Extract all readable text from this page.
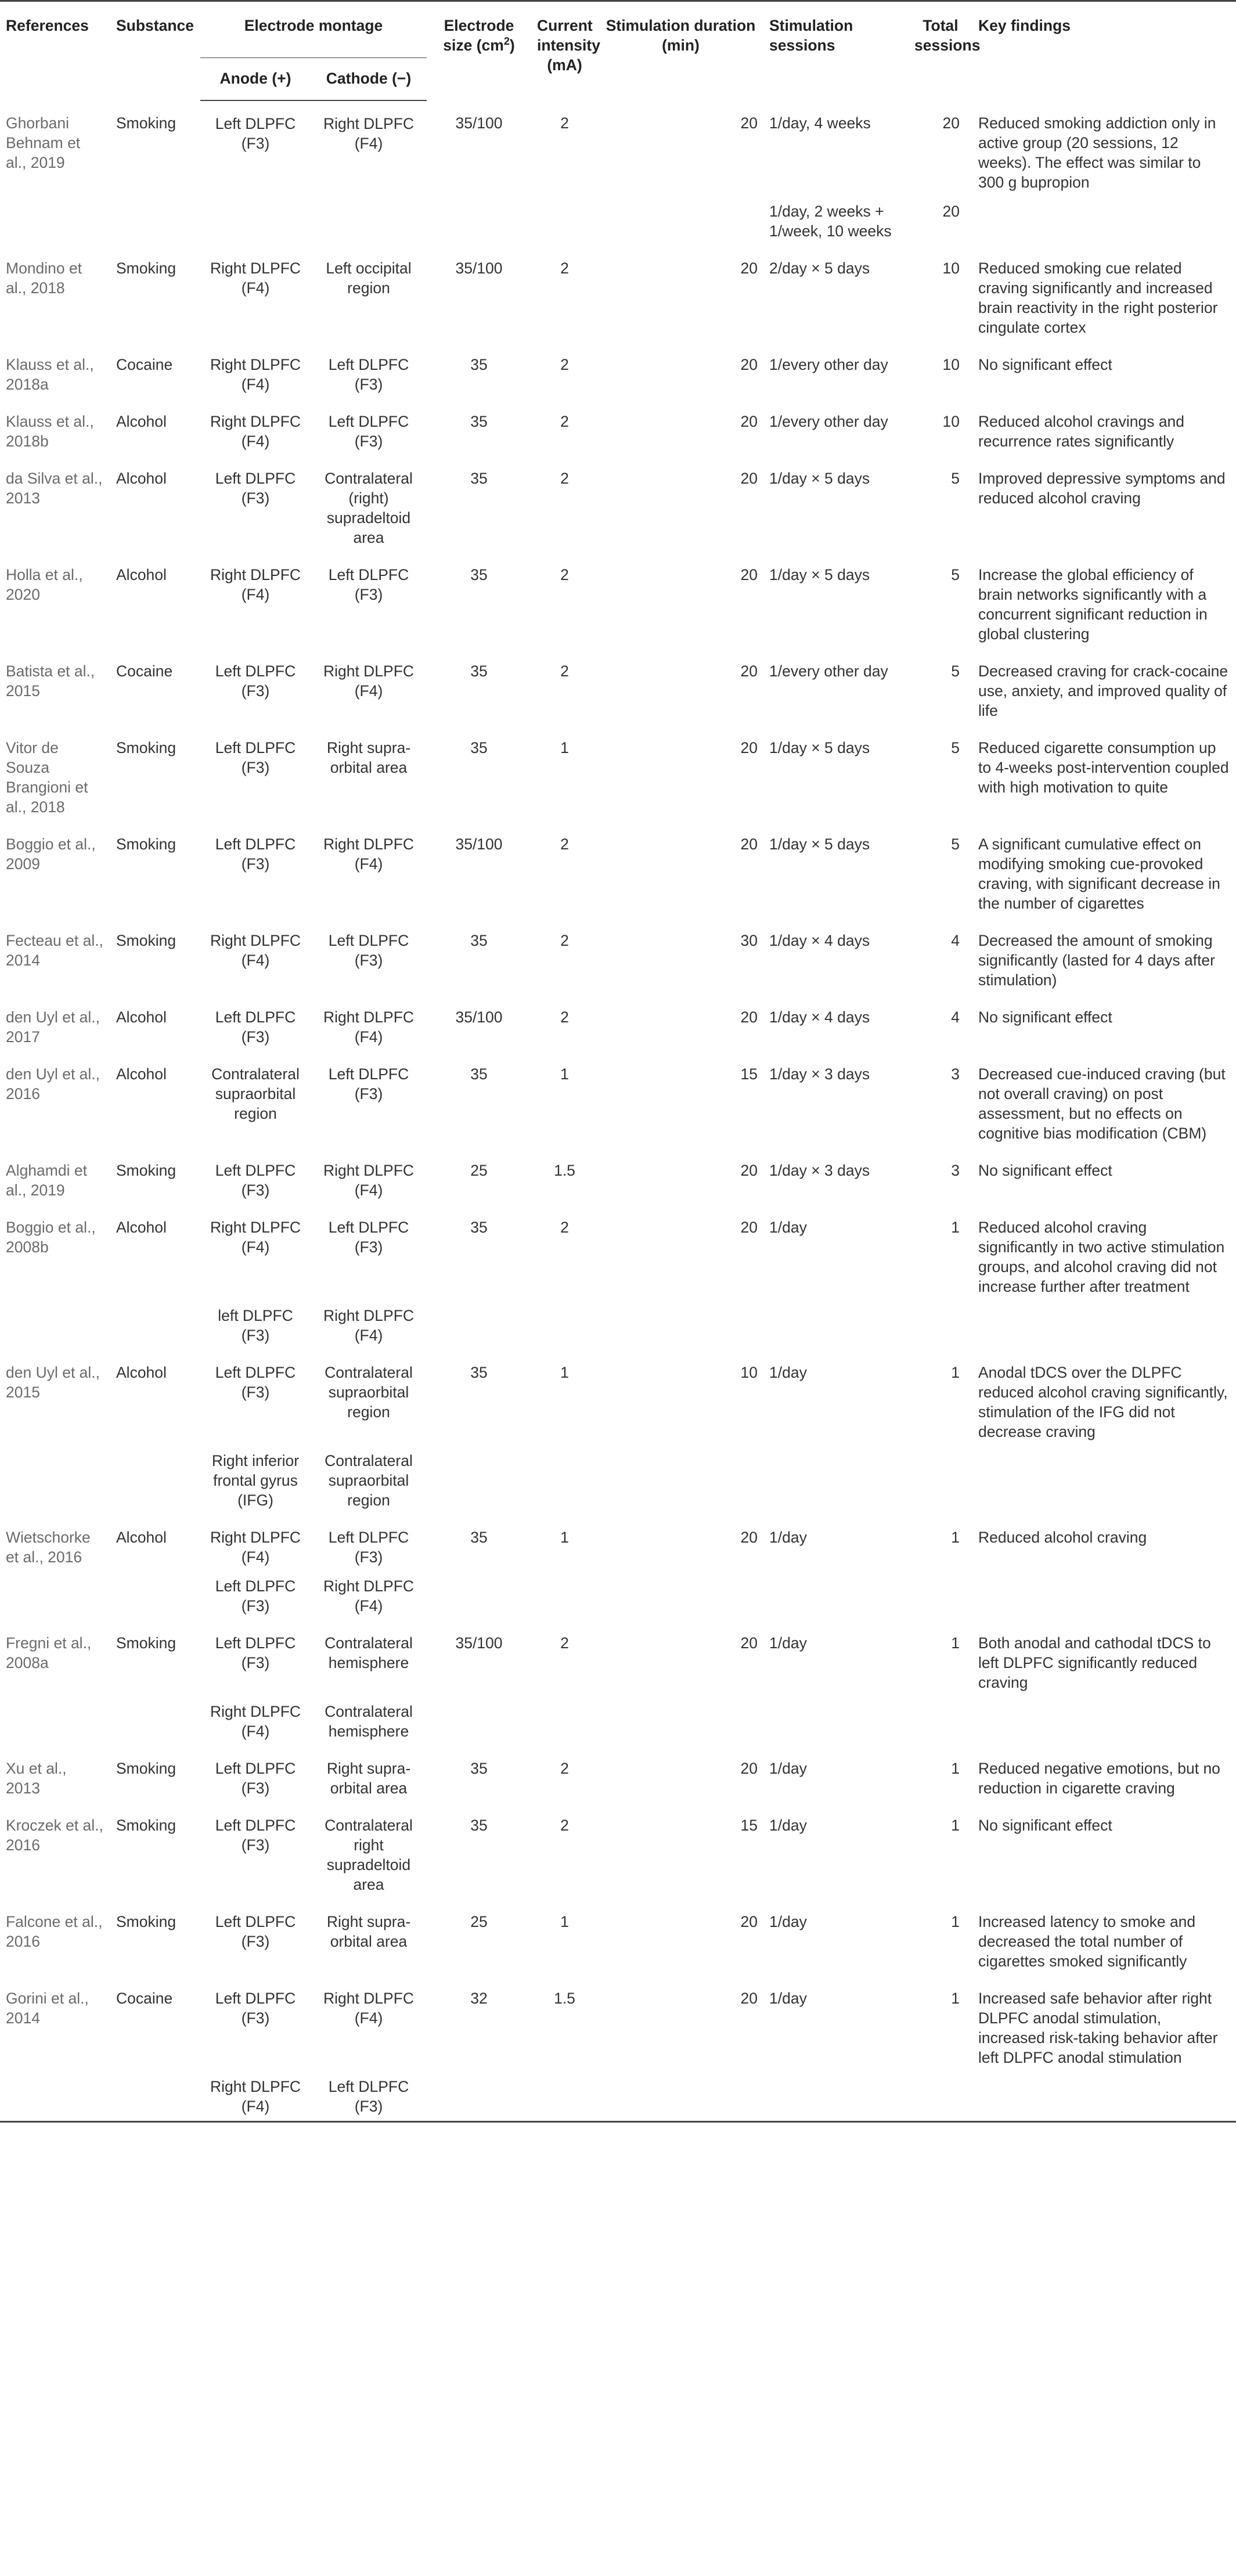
References	Substance	Electrode montage		Electrode size $(cm^2)$	Current intensity (mA)	Stimulation duration (min)	Stimulation sessions	Total sessions	Key findings
		Anode (+)	Cathode (−)						
Ghorbani Behnam et al., 2019	Smoking	Left DLPFC (F3)	Right DLPFC (F4)	35/100	2	20	1/day, 4 weeks	20	Reduced smoking addiction only in active group (20 sessions, 12 weeks). The effect was similar to 300 g bupropion
							1/day, 2 weeks + 1/week, 10 weeks	20	
Mondino et al., 2018	Smoking	Right DLPFC (F4)	Left occipital region	35/100	2	20	2/day × 5 days	10	Reduced smoking cue related craving significantly and increased brain reactivity in the right posterior cingulate cortex
Klauss et al., 2018a	Cocaine	Right DLPFC (F4)	Left DLPFC (F3)	35	2	20	1/every other day	10	No significant effect
Klauss et al., 2018b	Alcohol	Right DLPFC (F4)	Left DLPFC (F3)	35	2	20	1/every other day	10	Reduced alcohol cravings and recurrence rates significantly
da Silva et al., 2013	Alcohol	Left DLPFC (F3)	Contralateral (right) supradeltoid area	35	2	20	1/day × 5 days	5	Improved depressive symptoms and reduced alcohol craving
Holla et al., 2020	Alcohol	Right DLPFC (F4)	Left DLPFC (F3)	35	2	20	1/day × 5 days	5	Increase the global efficiency of brain networks significantly with a concurrent significant reduction in global clustering
Batista et al., 2015	Cocaine	Left DLPFC (F3)	Right DLPFC (F4)	35	2	20	1/every other day	5	Decreased craving for crack-cocaine use, anxiety, and improved quality of life
Vitor de Souza Brangioni et al., 2018	Smoking	Left DLPFC (F3)	Right supra-orbital area	35	1	20	1/day × 5 days	5	Reduced cigarette consumption up to 4-weeks post-intervention coupled with high motivation to quite
Boggio et al., 2009	Smoking	Left DLPFC (F3)	Right DLPFC (F4)	35/100	2	20	1/day × 5 days	5	A significant cumulative effect on modifying smoking cue-provoked craving, with significant decrease in the number of cigarettes
Fecteau et al., 2014	Smoking	Right DLPFC (F4)	Left DLPFC (F3)	35	2	30	1/day × 4 days	4	Decreased the amount of smoking significantly (lasted for 4 days after stimulation)
den Uyl et al., 2017	Alcohol	Left DLPFC (F3)	Right DLPFC (F4)	35/100	2	20	1/day × 4 days	4	No significant effect
den Uyl et al., 2016	Alcohol	Contralateral supraorbital region	Left DLPFC (F3)	35	1	15	1/day × 3 days	3	Decreased cue-induced craving (but not overall craving) on post assessment, but no effects on cognitive bias modification (CBM)
Alghamdi et al., 2019	Smoking	Left DLPFC (F3)	Right DLPFC (F4)	25	1.5	20	1/day × 3 days	3	No significant effect
Boggio et al., 2008b	Alcohol	Right DLPFC (F4)	Left DLPFC (F3)	35	2	20	1/day	1	Reduced alcohol craving significantly in two active stimulation groups, and alcohol craving did not increase further after treatment
		left DLPFC (F3)	Right DLPFC (F4)						
den Uyl et al., 2015	Alcohol	Left DLPFC (F3)	Contralateral supraorbital region	35	1	10	1/day	1	Anodal tDCS over the DLPFC reduced alcohol craving significantly, stimulation of the IFG did not decrease craving
		Right inferior frontal gyrus (IFG)	Contralateral supraorbital region						
Wietschorke et al., 2016	Alcohol	Right DLPFC (F4)	Left DLPFC (F3)	35	1	20	1/day	1	Reduced alcohol craving
		Left DLPFC (F3)	Right DLPFC (F4)						
Fregni et al., 2008a	Smoking	Left DLPFC (F3)	Contralateral hemisphere	35/100	2	20	1/day	1	Both anodal and cathodal tDCS to left DLPFC significantly reduced craving
		Right DLPFC (F4)	Contralateral hemisphere						
Xu et al., 2013	Smoking	Left DLPFC (F3)	Right supra-orbital area	35	2	20	1/day	1	Reduced negative emotions, but no reduction in cigarette craving
Kroczek et al., 2016	Smoking	Left DLPFC (F3)	Contralateral right supradeltoid area	35	2	15	1/day	1	No significant effect
Falcone et al., 2016	Smoking	Left DLPFC (F3)	Right supra-orbital area	25	1	20	1/day	1	Increased latency to smoke and decreased the total number of cigarettes smoked significantly
Gorini et al., 2014	Cocaine	Left DLPFC (F3)	Right DLPFC (F4)	32	1.5	20	1/day	1	Increased safe behavior after right DLPFC anodal stimulation, increased risk-taking behavior after left DLPFC anodal stimulation
		Right DLPFC (F4)	Left DLPFC (F3)						
